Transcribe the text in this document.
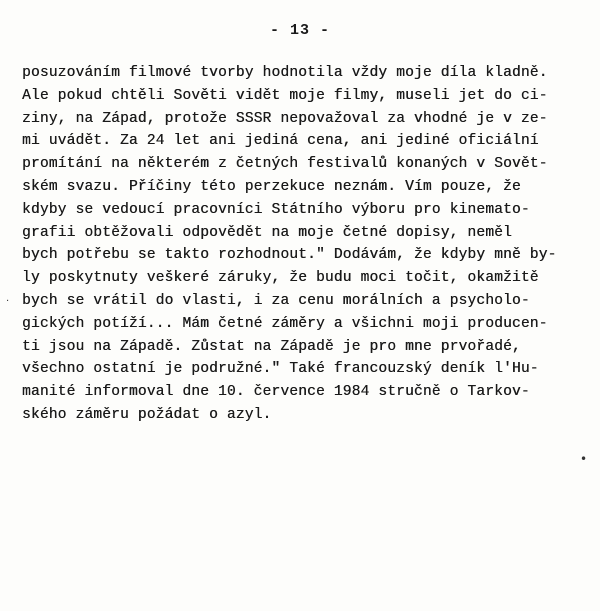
- 13 -
posuzováním filmové tvorby hodnotila vždy moje díla kladně.
Ale pokud chtěli Sověti vidět moje filmy, museli jet do ci-
ziny, na Západ, protože SSSR nepovažoval za vhodné je v ze-
mi uvádět. Za 24 let ani jediná cena, ani jediné oficiální
promítání na některém z četných festivalů konaných v Sovět-
ském svazu. Příčiny této perzekuce neznám. Vím pouze, že
kdyby se vedoucí pracovníci Státního výboru pro kinemato-
grafii obtěžovali odpovědět na moje četné dopisy, neměl
bych potřebu se takto rozhodnout." Dodávám, že kdyby mně by-
ly poskytnuty veškeré záruky, že budu moci točit, okamžitě
bych se vrátil do vlasti, i za cenu morálních a psycholo-
gických potíží... Mám četné záměry a všichni moji producen-
ti jsou na Západě. Zůstat na Západě je pro mne prvořadé,
všechno ostatní je podružné." Také francouzský deník l'Hu-
manité informoval dne 10. července 1984 stručně o Tarkov-
ského záměru požádat o azyl.
·
•
